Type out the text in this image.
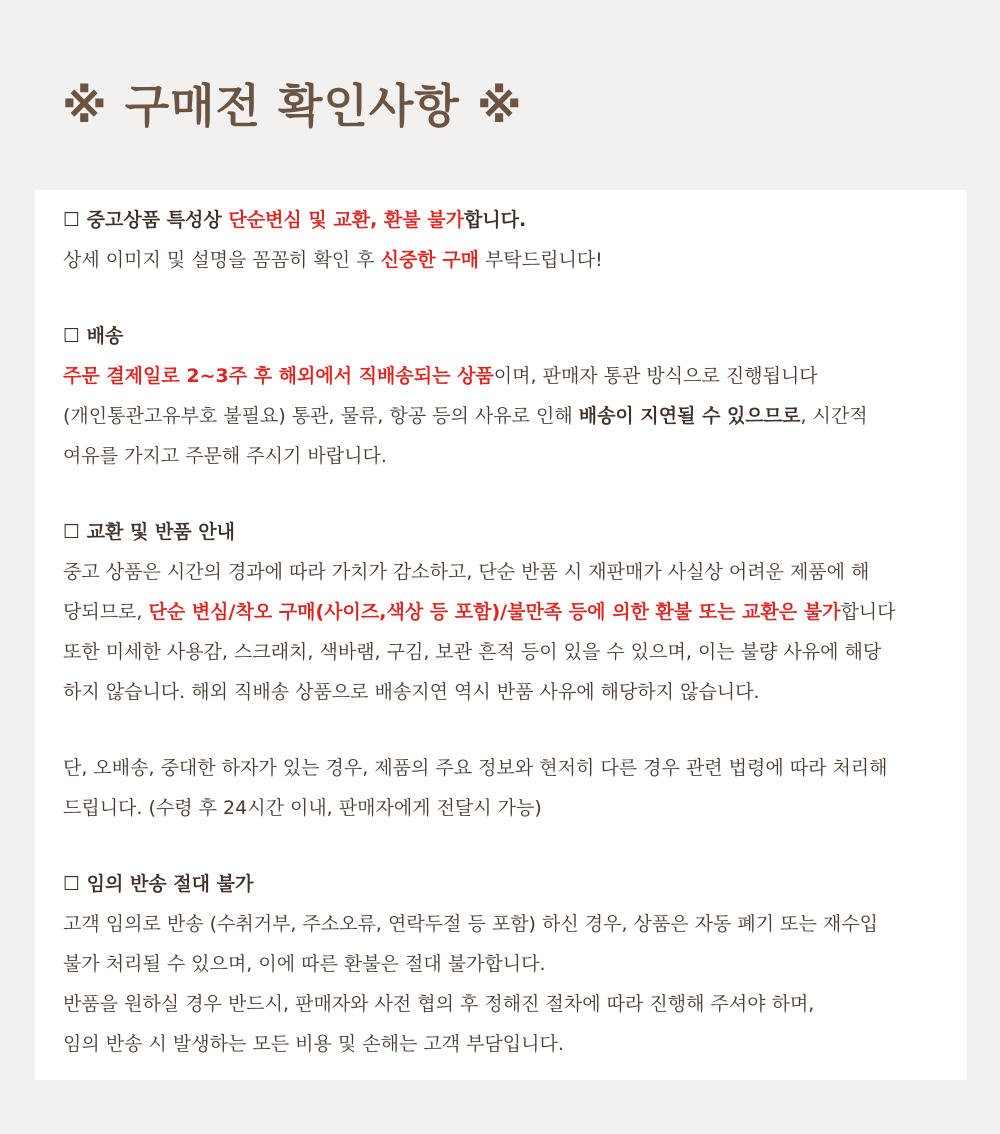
※ 구매전 확인사항 ※
☐ 중고상품 특성상 단순변심 및 교환, 환불 불가합니다.
상세 이미지 및 설명을 꼼꼼히 확인 후 신중한 구매 부탁드립니다!
☐ 배송
주문 결제일로 2~3주 후 해외에서 직배송되는 상품이며, 판매자 통관 방식으로 진행됩니다
(개인통관고유부호 불필요) 통관, 물류, 항공 등의 사유로 인해 배송이 지연될 수 있으므로, 시간적
여유를 가지고 주문해 주시기 바랍니다.
☐ 교환 및 반품 안내
중고 상품은 시간의 경과에 따라 가치가 감소하고, 단순 반품 시 재판매가 사실상 어려운 제품에 해
당되므로, 단순 변심/착오 구매(사이즈,색상 등 포함)/불만족 등에 의한 환불 또는 교환은 불가합니다
또한 미세한 사용감, 스크래치, 색바램, 구김, 보관 흔적 등이 있을 수 있으며, 이는 불량 사유에 해당
하지 않습니다. 해외 직배송 상품으로 배송지연 역시 반품 사유에 해당하지 않습니다.
단, 오배송, 중대한 하자가 있는 경우, 제품의 주요 정보와 현저히 다른 경우 관련 법령에 따라 처리해
드립니다. (수령 후 24시간 이내, 판매자에게 전달시 가능)
☐ 임의 반송 절대 불가
고객 임의로 반송 (수취거부, 주소오류, 연락두절 등 포함) 하신 경우, 상품은 자동 폐기 또는 재수입
불가 처리될 수 있으며, 이에 따른 환불은 절대 불가합니다.
반품을 원하실 경우 반드시, 판매자와 사전 협의 후 정해진 절차에 따라 진행해 주셔야 하며,
임의 반송 시 발생하는 모든 비용 및 손해는 고객 부담입니다.
